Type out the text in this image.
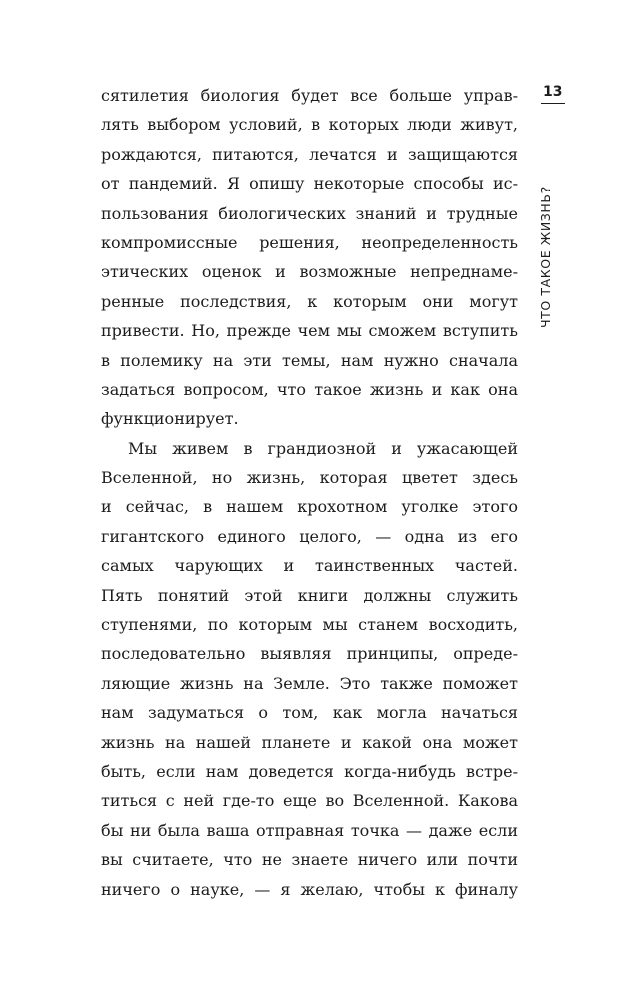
сятилетия биология будет все больше управ-
лять выбором условий, в которых люди живут,
рождаются, питаются, лечатся и защищаются
от пандемий. Я опишу некоторые способы ис-
пользования биологических знаний и трудные
компромиссные решения, неопределенность
этических оценок и возможные непреднаме-
ренные последствия, к которым они могут
привести. Но, прежде чем мы сможем вступить
в полемику на эти темы, нам нужно сначала
задаться вопросом, что такое жизнь и как она
функционирует.
Мы живем в грандиозной и ужасающей
Вселенной, но жизнь, которая цветет здесь
и сейчас, в нашем крохотном уголке этого
гигантского единого целого, — одна из его
самых чарующих и таинственных частей.
Пять понятий этой книги должны служить
ступенями, по которым мы станем восходить,
последовательно выявляя принципы, опреде-
ляющие жизнь на Земле. Это также поможет
нам задуматься о том, как могла начаться
жизнь на нашей планете и какой она может
быть, если нам доведется когда-нибудь встре-
титься с ней где-то еще во Вселенной. Какова
бы ни была ваша отправная точка — даже если
вы считаете, что не знаете ничего или почти
ничего о науке, — я желаю, чтобы к финалу
13
ЧТО ТАКОЕ ЖИЗНЬ?
